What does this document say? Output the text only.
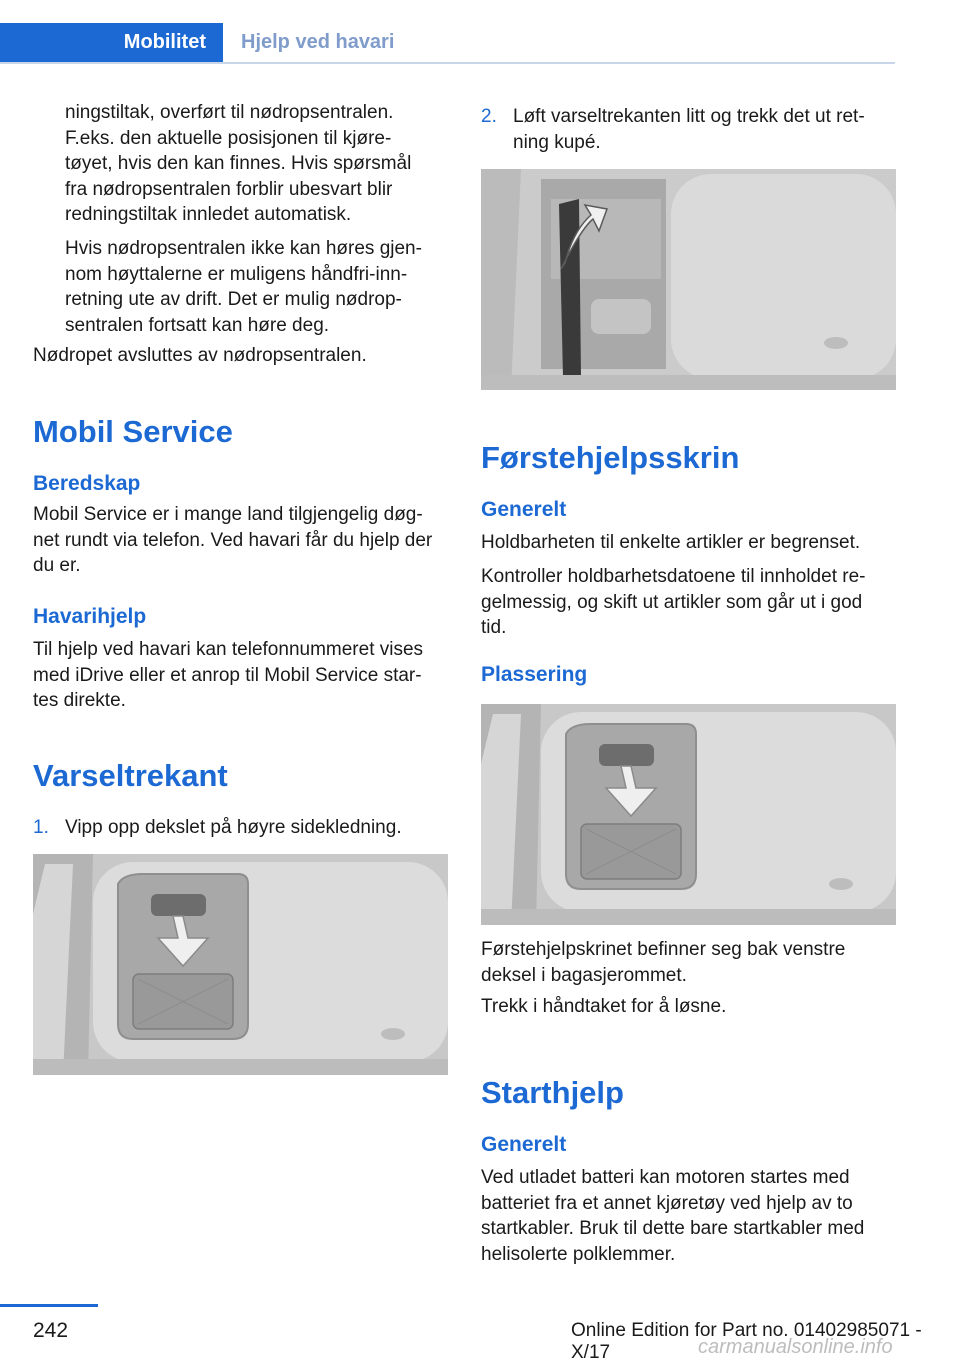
Mobilitet	Hjelp ved havari
ningstiltak, overført til nødropsentralen.
F.eks. den aktuelle posisjonen til kjøre-
tøyet, hvis den kan finnes. Hvis spørsmål
fra nødropsentralen forblir ubesvart blir
redningstiltak innledet automatisk.
Hvis nødropsentralen ikke kan høres gjen-
nom høyttalerne er muligens håndfri-inn-
retning ute av drift. Det er mulig nødrop-
sentralen fortsatt kan høre deg.
Nødropet avsluttes av nødropsentralen.
Mobil Service
Beredskap
Mobil Service er i mange land tilgjengelig døg-
net rundt via telefon. Ved havari får du hjelp der
du er.
Havarihjelp
Til hjelp ved havari kan telefonnummeret vises
med iDrive eller et anrop til Mobil Service star-
tes direkte.
Varseltrekant
1. Vipp opp dekslet på høyre sidekledning.
2. Løft varseltrekanten litt og trekk det ut ret-
ning kupé.
Førstehjelpsskrin
Generelt
Holdbarheten til enkelte artikler er begrenset.
Kontroller holdbarhetsdatoene til innholdet re-
gelmessig, og skift ut artikler som går ut i god
tid.
Plassering
Førstehjelpskrinet befinner seg bak venstre
deksel i bagasjerommet.
Trekk i håndtaket for å løsne.
Starthjelp
Generelt
Ved utladet batteri kan motoren startes med
batteriet fra et annet kjøretøy ved hjelp av to
startkabler. Bruk til dette bare startkabler med
helisolerte polklemmer.
242	Online Edition for Part no. 01402985071 - X/17	carmanualsonline.info
